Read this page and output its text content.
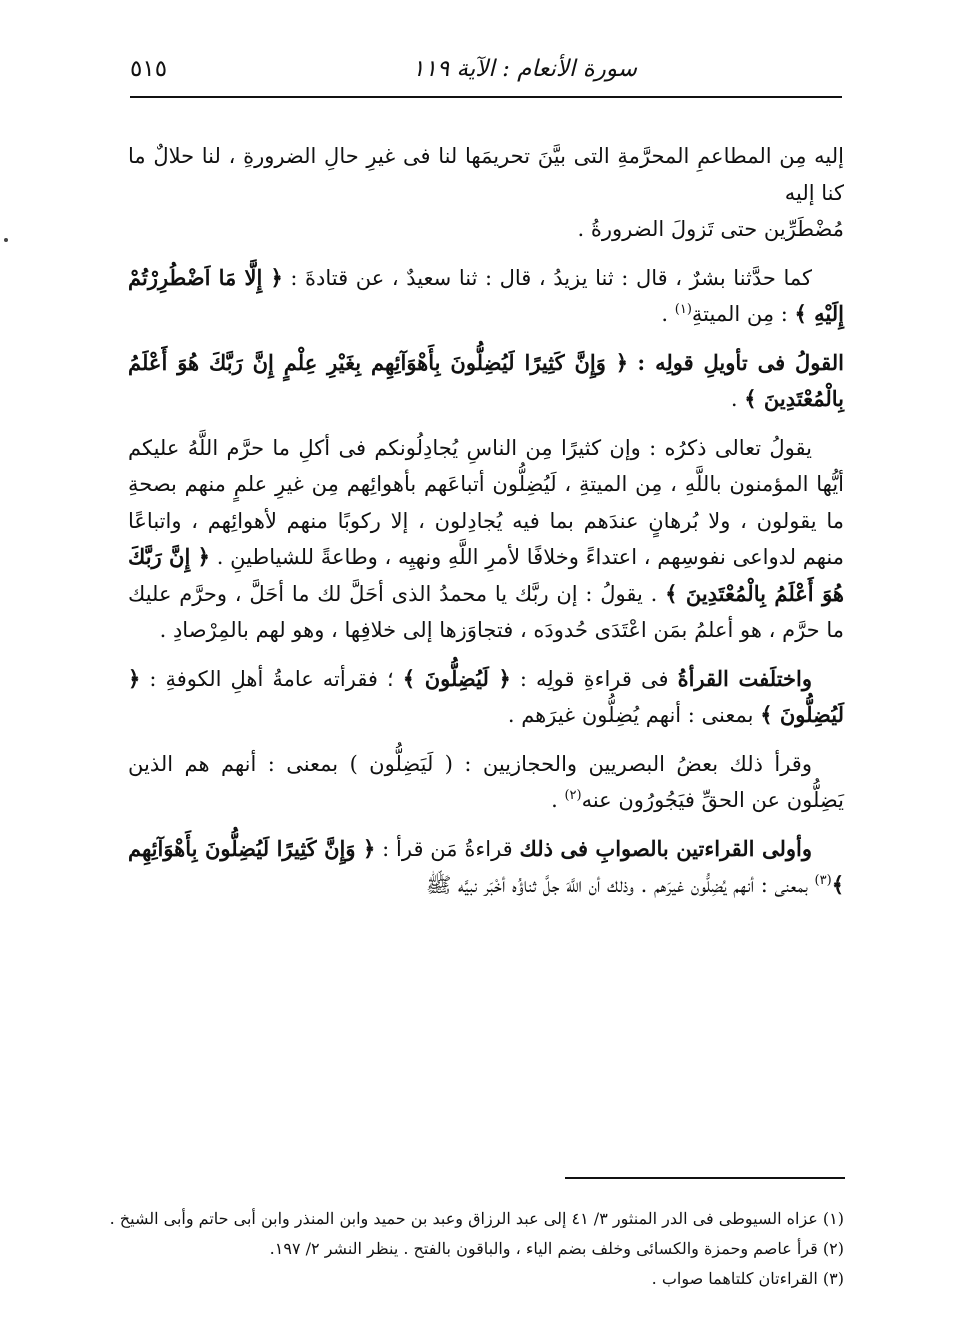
سورة الأنعام : الآية ١١٩
٥١٥

إليه مِن المطاعمِ المحرَّمةِ التى بيَّنَ تحريمَها لنا فى غيرِ حالِ الضرورةِ ، لنا حلالٌ ما كنا إليه

مُضْطَرِّين حتى تَزولَ الضرورةُ .

كما حدَّثنا بشرٌ ، قال : ثنا يزيدُ ، قال : ثنا سعيدٌ ، عن قتادةَ : ﴿ إِلَّا مَا اَضْطُرِرْتُمْ إِلَيْهِ ﴾ : مِن الميتةِ$^{(١)}$ .
القولُ فى تأويلِ قولِه : ﴿ وَإِنَّ كَثِيرًا لَيُضِلُّونَ بِأَهْوَآئِهِم بِغَيْرِ عِلْمٍ إِنَّ رَبَّكَ هُوَ أَعْلَمُ بِالْمُعْتَدِينَ ﴾ .
يقولُ تعالى ذكرُه : وإن كثيرًا مِن الناسِ يُجادِلُونكم فى أكلِ ما حرَّم اللَّهُ عليكم أيُّها المؤمنون باللَّهِ ، مِن الميتةِ ، لَيُضِلُّون أتباعَهم بأهوائِهم مِن غيرِ علمٍ منهم بصحةِ ما يقولون ، ولا بُرهانٍ عندَهم بما فيه يُجادِلون ، إلا ركوبًا منهم لأهوائِهم ، واتباعًا منهم لدواعى نفوسِهم ، اعتداءً وخلافًا لأمرِ اللَّهِ ونهيِه ، وطاعةً للشياطينِ . ﴿ إِنَّ رَبَّكَ هُوَ أَعْلَمُ بِالْمُعْتَدِينَ ﴾ . يقولُ : إن ربَّك يا محمدُ الذى أحَلَّ لك ما أحَلَّ ، وحرَّم عليك ما حرَّم ، هو أعلمُ بمَن اعْتَدَى حُدودَه ، فتجاوَزها إلى خلافِها ، وهو لهم بالمِرْصادِ .
واختلَفت القرأةُ فى قراءةِ قولِه : ﴿ لَيُضِلُّونَ ﴾ ؛ فقرأته عامةُ أهلِ الكوفةِ : ﴿ لَيُضِلُّونَ ﴾ بمعنى : أنهم يُضِلُّون غيرَهم .
وقرأ ذلك بعضُ البصريين والحجازيين : ( لَيَضِلُّون ) بمعنى : أنهم هم الذين يَضِلُّون عن الحقِّ فيَجُورُون عنه$^{(٢)}$ .
وأولى القراءتين بالصوابِ فى ذلك قراءةُ مَن قرأ : ﴿ وَإِنَّ كَثِيرًا لَيُضِلُّونَ بِأَهْوَآئِهِم ﴾$^{(٣)}$ بمعنى : أنهم يُضِلُّون غيرَهم . وذلك أن اللَّهَ جلَّ ثناؤُه أخْبَر نبيَّه ﷺ

(١) عزاه السيوطى فى الدر المنثور ٣/ ٤١ إلى عبد الرزاق وعبد بن حميد وابن المنذر وابن أبى حاتم وأبى الشيخ .

(٢) قرأ عاصم وحمزة والكسائى وخلف بضم الياء ، والباقون بالفتح . ينظر النشر ٢/ ١٩٧.

(٣) القراءتان كلتاهما صواب .
